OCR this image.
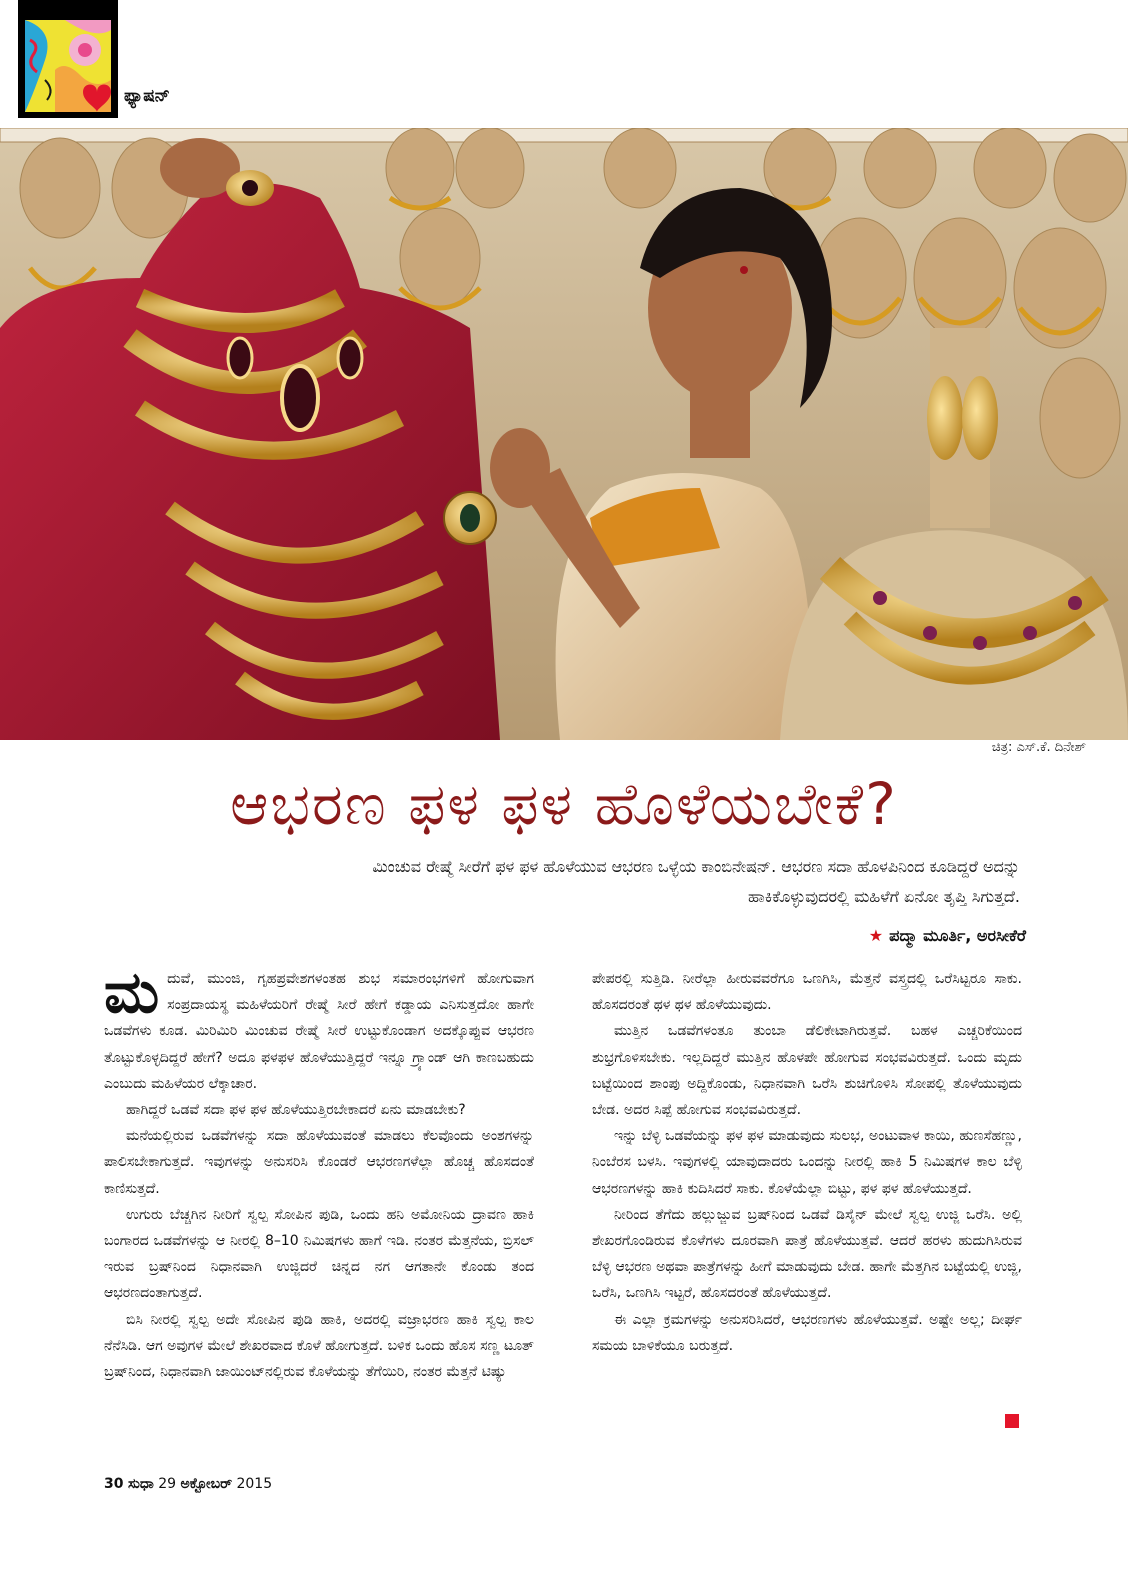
ಫ್ಯಾಷನ್
ಚಿತ್ರ: ಎಸ್.ಕೆ. ದಿನೇಶ್
ಆಭರಣ ಫಳ ಫಳ ಹೊಳೆಯಬೇಕೆ?
ಮಿಂಚುವ ರೇಷ್ಮೆ ಸೀರೆಗೆ ಫಳ ಫಳ ಹೊಳೆಯುವ ಆಭರಣ ಒಳ್ಳೆಯ ಕಾಂಬಿನೇಷನ್. ಆಭರಣ ಸದಾ ಹೊಳಪಿನಿಂದ ಕೂಡಿದ್ದರೆ ಅದನ್ನು ಹಾಕಿಕೊಳ್ಳುವುದರಲ್ಲಿ ಮಹಿಳೆಗೆ ಏನೋ ತೃಪ್ತಿ ಸಿಗುತ್ತದೆ.
★ ಪದ್ಮಾ ಮೂರ್ತಿ, ಅರಸೀಕೆರೆ

ಮದುವೆ, ಮುಂಜಿ, ಗೃಹಪ್ರವೇಶಗಳಂತಹ ಶುಭ ಸಮಾರಂಭಗಳಿಗೆ ಹೋಗುವಾಗ ಸಂಪ್ರದಾಯಸ್ಥ ಮಹಿಳೆಯರಿಗೆ ರೇಷ್ಮೆ ಸೀರೆ ಹೇಗೆ ಕಡ್ಡಾಯ ಎನಿಸುತ್ತದೋ ಹಾಗೇ ಒಡವೆಗಳು ಕೂಡ. ಮಿರಿಮಿರಿ ಮಿಂಚುವ ರೇಷ್ಮೆ ಸೀರೆ ಉಟ್ಟುಕೊಂಡಾಗ ಅದಕ್ಕೊಪ್ಪುವ ಆಭರಣ ತೊಟ್ಟುಕೊಳ್ಳದಿದ್ದರೆ ಹೇಗೆ? ಅದೂ ಫಳಫಳ ಹೊಳೆಯುತ್ತಿದ್ದರೆ ಇನ್ನೂ ಗ್ರ್ಯಾಂಡ್ ಆಗಿ ಕಾಣಬಹುದು ಎಂಬುದು ಮಹಿಳೆಯರ ಲೆಕ್ಕಾಚಾರ.

ಹಾಗಿದ್ದರೆ ಒಡವೆ ಸದಾ ಫಳ ಫಳ ಹೊಳೆಯುತ್ತಿರಬೇಕಾದರೆ ಏನು ಮಾಡಬೇಕು?

ಮನೆಯಲ್ಲಿರುವ ಒಡವೆಗಳನ್ನು ಸದಾ ಹೊಳೆಯುವಂತೆ ಮಾಡಲು ಕೆಲವೊಂದು ಅಂಶಗಳನ್ನು ಪಾಲಿಸಬೇಕಾಗುತ್ತದೆ. ಇವುಗಳನ್ನು ಅನುಸರಿಸಿ ಕೊಂಡರೆ ಆಭರಣಗಳೆಲ್ಲಾ ಹೊಚ್ಚ ಹೊಸದಂತೆ ಕಾಣಿಸುತ್ತದೆ.

ಉಗುರು ಬೆಚ್ಚಗಿನ ನೀರಿಗೆ ಸ್ವಲ್ಪ ಸೋಪಿನ ಪುಡಿ, ಒಂದು ಹನಿ ಅಮೋನಿಯ ದ್ರಾವಣ ಹಾಕಿ ಬಂಗಾರದ ಒಡವೆಗಳನ್ನು ಆ ನೀರಲ್ಲಿ 8–10 ನಿಮಿಷಗಳು ಹಾಗೆ ಇಡಿ. ನಂತರ ಮೆತ್ತನೆಯ, ಬ್ರಿಸಲ್ ಇರುವ ಬ್ರಷ್‌ನಿಂದ ನಿಧಾನವಾಗಿ ಉಜ್ಜಿದರೆ ಚಿನ್ನದ ನಗ ಆಗತಾನೇ ಕೊಂಡು ತಂದ ಆಭರಣದಂತಾಗುತ್ತದೆ.

ಬಿಸಿ ನೀರಲ್ಲಿ ಸ್ವಲ್ಪ ಅದೇ ಸೋಪಿನ ಪುಡಿ ಹಾಕಿ, ಅದರಲ್ಲಿ ವಜ್ರಾಭರಣ ಹಾಕಿ ಸ್ವಲ್ಪ ಕಾಲ ನೆನೆಸಿಡಿ. ಆಗ ಅವುಗಳ ಮೇಲೆ ಶೇಖರವಾದ ಕೊಳೆ ಹೋಗುತ್ತದೆ. ಬಳಿಕ ಒಂದು ಹೊಸ ಸಣ್ಣ ಟೂತ್ ಬ್ರಷ್‌ನಿಂದ, ನಿಧಾನವಾಗಿ ಜಾಯಿಂಟ್‌ನಲ್ಲಿರುವ ಕೊಳೆಯನ್ನು ತೆಗೆಯಿರಿ, ನಂತರ ಮೆತ್ತನೆ ಟಿಷ್ಯು

ಪೇಪರಲ್ಲಿ ಸುತ್ತಿಡಿ. ನೀರೆಲ್ಲಾ ಹೀರುವವರೆಗೂ ಒಣಗಿಸಿ, ಮೆತ್ತನೆ ವಸ್ತ್ರದಲ್ಲಿ ಒರೆಸಿಟ್ಟರೂ ಸಾಕು. ಹೊಸದರಂತೆ ಥಳ ಥಳ ಹೊಳೆಯುವುದು.

ಮುತ್ತಿನ ಒಡವೆಗಳಂತೂ ತುಂಬಾ ಡೆಲಿಕೇಟಾಗಿರುತ್ತವೆ. ಬಹಳ ಎಚ್ಚರಿಕೆಯಿಂದ ಶುಭ್ರಗೊಳಿಸಬೇಕು. ಇಲ್ಲದಿದ್ದರೆ ಮುತ್ತಿನ ಹೊಳಪೇ ಹೋಗುವ ಸಂಭವವಿರುತ್ತದೆ. ಒಂದು ಮೃದು ಬಟ್ಟೆಯಿಂದ ಶಾಂಪು ಅದ್ದಿಕೊಂಡು, ನಿಧಾನವಾಗಿ ಒರೆಸಿ ಶುಚಿಗೊಳಿಸಿ ಸೋಪಲ್ಲಿ ತೊಳೆಯುವುದು ಬೇಡ. ಅದರ ಸಿಪ್ಪೆ ಹೋಗುವ ಸಂಭವವಿರುತ್ತದೆ.

ಇನ್ನು ಬೆಳ್ಳಿ ಒಡವೆಯನ್ನು ಫಳ ಫಳ ಮಾಡುವುದು ಸುಲಭ, ಅಂಟುವಾಳ ಕಾಯಿ, ಹುಣಸೆಹಣ್ಣು, ನಿಂಬೆರಸ ಬಳಸಿ. ಇವುಗಳಲ್ಲಿ ಯಾವುದಾದರು ಒಂದನ್ನು ನೀರಲ್ಲಿ ಹಾಕಿ 5 ನಿಮಿಷಗಳ ಕಾಲ ಬೆಳ್ಳಿ ಆಭರಣಗಳನ್ನು ಹಾಕಿ ಕುದಿಸಿದರೆ ಸಾಕು. ಕೊಳೆಯೆಲ್ಲಾ ಬಿಟ್ಟು, ಫಳ ಫಳ ಹೊಳೆಯುತ್ತದೆ.

ನೀರಿಂದ ತೆಗೆದು ಹಲ್ಲುಜ್ಜುವ ಬ್ರಷ್‌ನಿಂದ ಒಡವೆ ಡಿಸೈನ್ ಮೇಲೆ ಸ್ವಲ್ಪ ಉಜ್ಜಿ ಒರೆಸಿ. ಅಲ್ಲಿ ಶೇಖರಗೊಂಡಿರುವ ಕೊಳೆಗಳು ದೂರವಾಗಿ ಪಾತ್ರೆ ಹೊಳೆಯುತ್ತವೆ. ಆದರೆ ಹರಳು ಹುದುಗಿಸಿರುವ ಬೆಳ್ಳಿ ಆಭರಣ ಅಥವಾ ಪಾತ್ರೆಗಳನ್ನು ಹೀಗೆ ಮಾಡುವುದು ಬೇಡ. ಹಾಗೇ ಮೆತ್ತಗಿನ ಬಟ್ಟೆಯಲ್ಲಿ ಉಜ್ಜಿ, ಒರೆಸಿ, ಒಣಗಿಸಿ ಇಟ್ಟರೆ, ಹೊಸದರಂತೆ ಹೊಳೆಯುತ್ತದೆ.

ಈ ಎಲ್ಲಾ ಕ್ರಮಗಳನ್ನು ಅನುಸರಿಸಿದರೆ, ಆಭರಣಗಳು ಹೊಳೆಯುತ್ತವೆ. ಅಷ್ಟೇ ಅಲ್ಲ; ದೀರ್ಘ ಸಮಯ ಬಾಳಿಕೆಯೂ ಬರುತ್ತದೆ.

30 ಸುಧಾ 29 ಅಕ್ಟೋಬರ್ 2015
